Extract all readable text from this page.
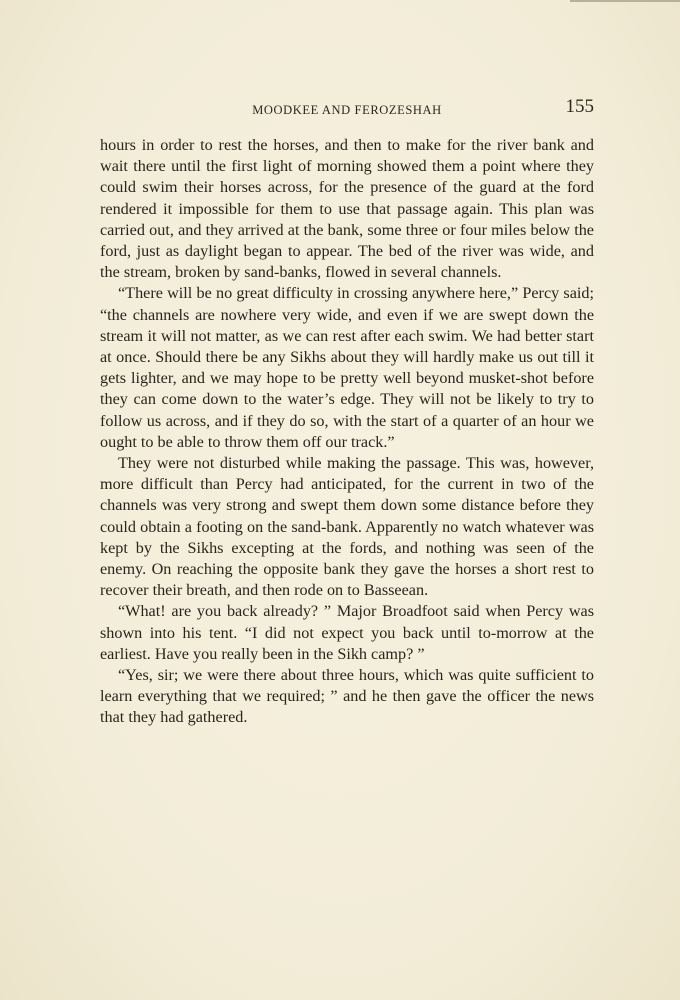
MOODKEE AND FEROZESHAH	155

hours in order to rest the horses, and then to make for the river bank and wait there until the first light of morning showed them a point where they could swim their horses across, for the presence of the guard at the ford rendered it impossible for them to use that passage again. This plan was carried out, and they arrived at the bank, some three or four miles below the ford, just as daylight began to appear. The bed of the river was wide, and the stream, broken by sand-banks, flowed in several channels.

“There will be no great difficulty in crossing anywhere here,” Percy said; “the channels are nowhere very wide, and even if we are swept down the stream it will not matter, as we can rest after each swim. We had better start at once. Should there be any Sikhs about they will hardly make us out till it gets lighter, and we may hope to be pretty well beyond musket-shot before they can come down to the water’s edge. They will not be likely to try to follow us across, and if they do so, with the start of a quarter of an hour we ought to be able to throw them off our track.”

They were not disturbed while making the passage. This was, however, more difficult than Percy had anticipated, for the current in two of the channels was very strong and swept them down some distance before they could obtain a footing on the sand-bank. Apparently no watch whatever was kept by the Sikhs excepting at the fords, and nothing was seen of the enemy. On reaching the opposite bank they gave the horses a short rest to recover their breath, and then rode on to Basseean.

“What! are you back already? ” Major Broadfoot said when Percy was shown into his tent. “I did not expect you back until to-morrow at the earliest. Have you really been in the Sikh camp? ”

“Yes, sir; we were there about three hours, which was quite sufficient to learn everything that we required; ” and he then gave the officer the news that they had gathered.
